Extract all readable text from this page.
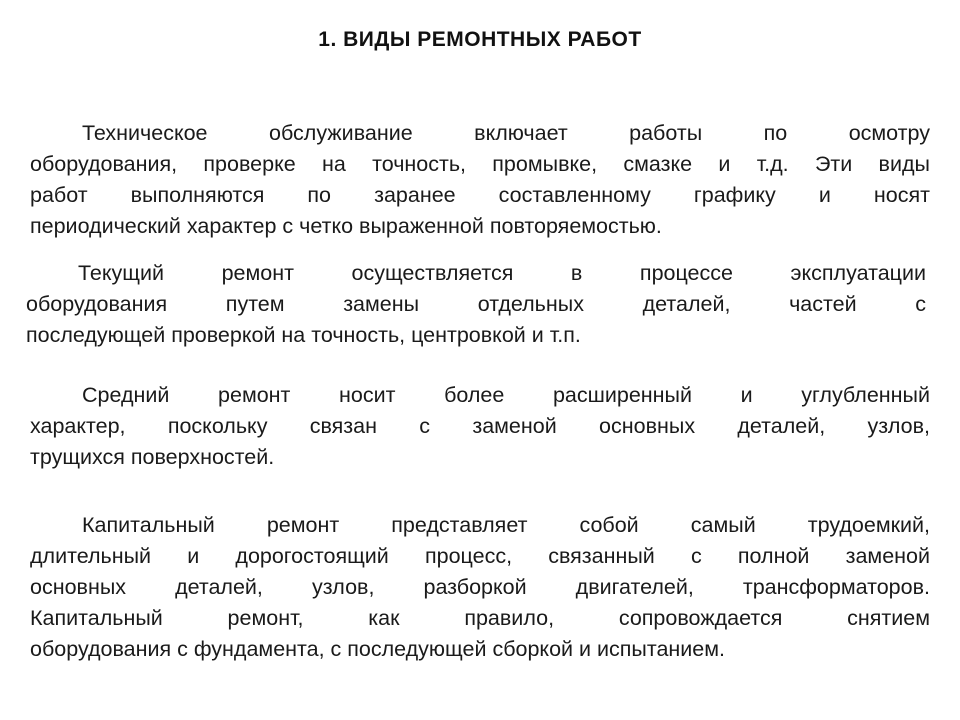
1. ВИДЫ РЕМОНТНЫХ РАБОТ
Техническое обслуживание включает работы по осмотру
оборудования, проверке на точность, промывке, смазке и т.д. Эти виды
работ выполняются по заранее составленному графику и носят
периодический характер с четко выраженной повторяемостью.
Текущий ремонт осуществляется в процессе эксплуатации
оборудования путем замены отдельных деталей, частей с
последующей проверкой на точность, центровкой и т.п.
Средний ремонт носит более расширенный и углубленный
характер, поскольку связан с заменой основных деталей, узлов,
трущихся поверхностей.
Капитальный ремонт представляет собой самый трудоемкий,
длительный и дорогостоящий процесс, связанный с полной заменой
основных деталей, узлов, разборкой двигателей, трансформаторов.
Капитальный ремонт, как правило, сопровождается снятием
оборудования с фундамента, с последующей сборкой и испытанием.
